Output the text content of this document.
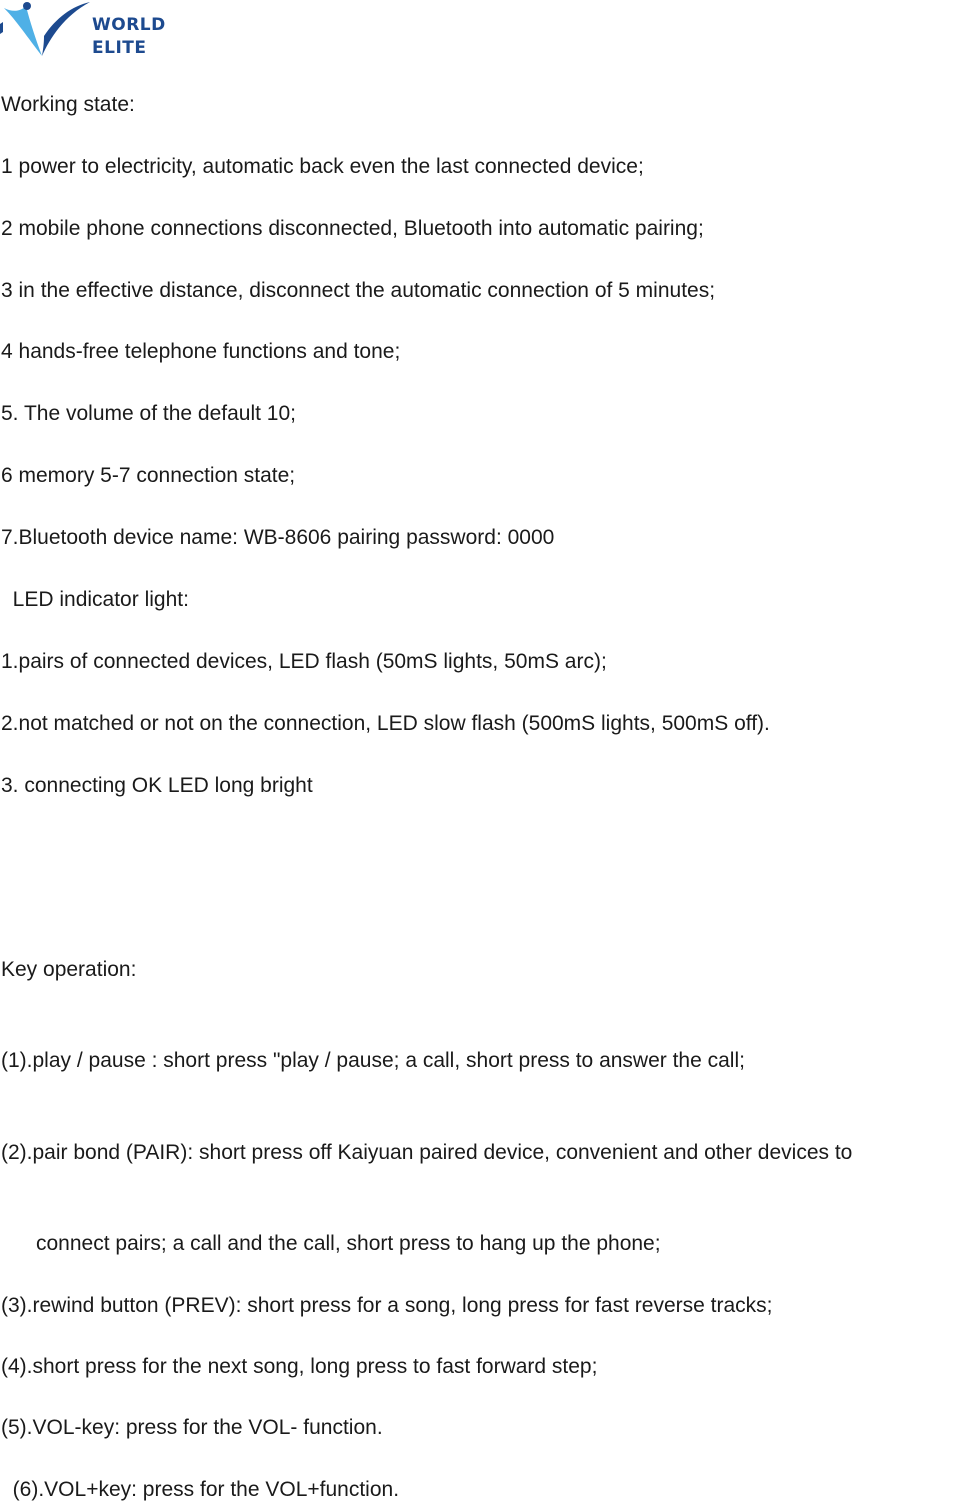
WORLD
ELITE

Working state:

1 power to electricity, automatic back even the last connected device;

2 mobile phone connections disconnected, Bluetooth into automatic pairing;

3 in the effective distance, disconnect the automatic connection of 5 minutes;

4 hands-free telephone functions and tone;

5. The volume of the default 10;

6 memory 5-7 connection state;

7.Bluetooth device name: WB-8606 pairing password: 0000

LED indicator light:

1.pairs of connected devices, LED flash (50mS lights, 50mS arc);

2.not matched or not on the connection, LED slow flash (500mS lights, 500mS off).

3. connecting OK LED long bright

Key operation:

(1).play / pause : short press "play / pause; a call, short press to answer the call;

(2).pair bond (PAIR): short press off Kaiyuan paired device, convenient and other devices to

connect pairs; a call and the call, short press to hang up the phone;

(3).rewind button (PREV): short press for a song, long press for fast reverse tracks;

(4).short press for the next song, long press to fast forward step;

(5).VOL-key: press for the VOL- function.

(6).VOL+key: press for the VOL+function.
